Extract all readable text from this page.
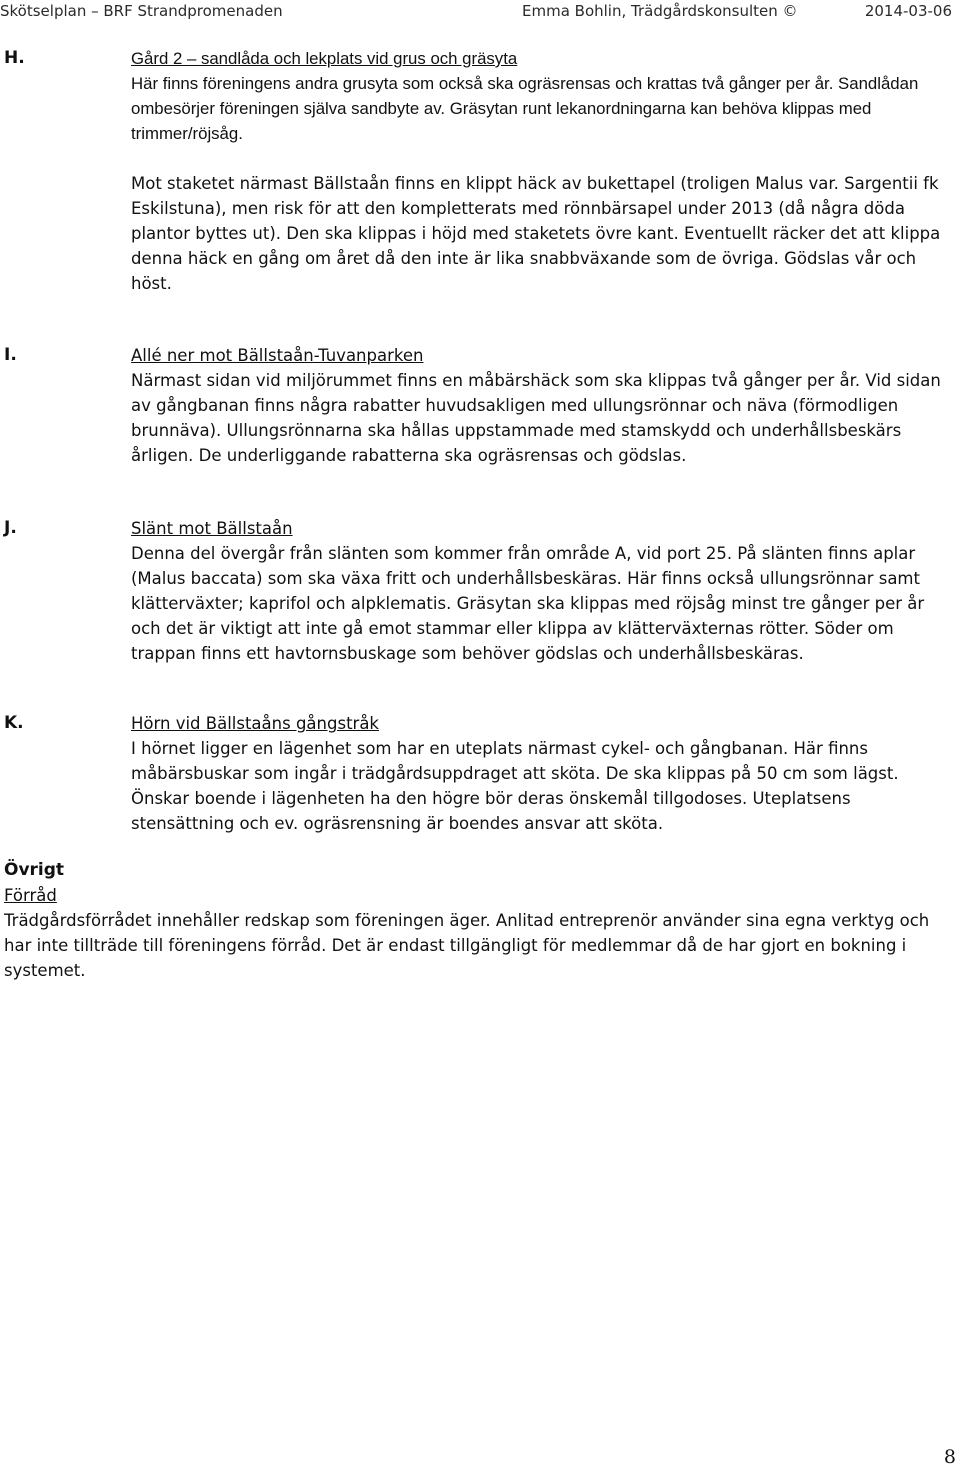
Skötselplan – BRF Strandpromenaden	Emma Bohlin, Trädgårdskonsulten ©	2014-03-06
H.	Gård 2 – sandlåda och lekplats vid grus och gräsyta

Här finns föreningens andra grusyta som också ska ogräsrensas och krattas två gånger per år. Sandlådan ombesörjer föreningen själva sandbyte av. Gräsytan runt lekanordningarna kan behöva klippas med trimmer/röjsåg.

Mot staketet närmast Bällstaån finns en klippt häck av bukettapel (troligen Malus var. Sargentii fk Eskilstuna), men risk för att den kompletterats med rönnbärsapel under 2013 (då några döda plantor byttes ut). Den ska klippas i höjd med staketets övre kant. Eventuellt räcker det att klippa denna häck en gång om året då den inte är lika snabbväxande som de övriga. Gödslas vår och höst.

I.	Allé ner mot Bällstaån-Tuvanparken

Närmast sidan vid miljörummet finns en måbärshäck som ska klippas två gånger per år. Vid sidan av gångbanan finns några rabatter huvudsakligen med ullungsrönnar och näva (förmodligen brunnäva). Ullungsrönnarna ska hållas uppstammade med stamskydd och underhållsbeskärs årligen. De underliggande rabatterna ska ogräsrensas och gödslas.

J.	Slänt mot Bällstaån

Denna del övergår från slänten som kommer från område A, vid port 25. På slänten finns aplar (Malus baccata) som ska växa fritt och underhållsbeskäras. Här finns också ullungsrönnar samt klätterväxter; kaprifol och alpklematis. Gräsytan ska klippas med röjsåg minst tre gånger per år och det är viktigt att inte gå emot stammar eller klippa av klätterväxternas rötter. Söder om trappan finns ett havtornsbuskage som behöver gödslas och underhållsbeskäras.

K.	Hörn vid Bällstaåns gångstråk

I hörnet ligger en lägenhet som har en uteplats närmast cykel- och gångbanan. Här finns måbärsbuskar som ingår i trädgårdsuppdraget att sköta. De ska klippas på 50 cm som lägst. Önskar boende i lägenheten ha den högre bör deras önskemål tillgodoses. Uteplatsens stensättning och ev. ogräsrensning är boendes ansvar att sköta.

Övrigt
Förråd

Trädgårdsförrådet innehåller redskap som föreningen äger. Anlitad entreprenör använder sina egna verktyg och har inte tillträde till föreningens förråd. Det är endast tillgängligt för medlemmar då de har gjort en bokning i systemet.

8
